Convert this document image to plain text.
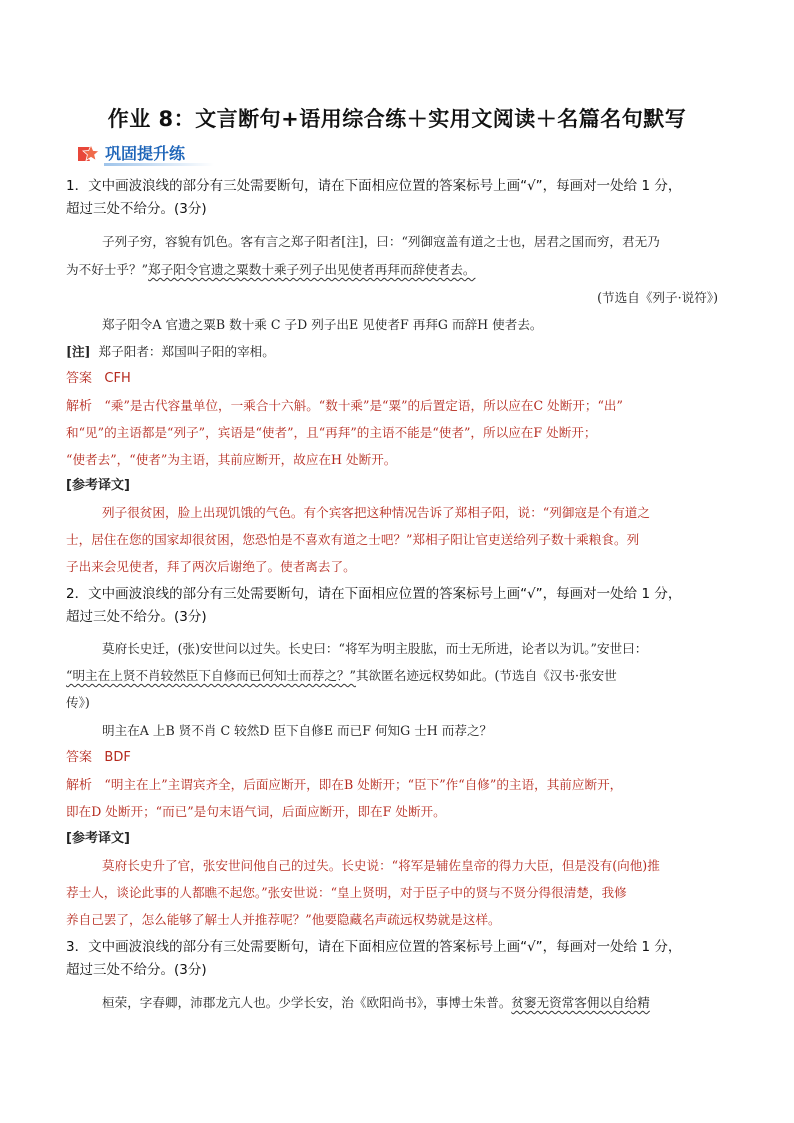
作业 8：文言断句+语用综合练＋实用文阅读＋名篇名句默写
巩固提升练
1．文中画波浪线的部分有三处需要断句，请在下面相应位置的答案标号上画“√”，每画对一处给 1 分，
超过三处不给分。(3分)
子列子穷，容貌有饥色。客有言之郑子阳者[注]，曰：“列御寇盖有道之士也，居君之国而穷，君无乃
为不好士乎？”郑子阳令官遗之粟数十乘子列子出见使者再拜而辞使者去。
(节选自《列子·说符》)
郑子阳令A 官遗之粟B 数十乘 C 子D 列子出E 见使者F 再拜G 而辞H 使者去。
[注] 郑子阳者：郑国叫子阳的宰相。
答案 CFH
解析 “乘”是古代容量单位，一乘合十六斛。“数十乘”是“粟”的后置定语，所以应在C 处断开；“出”
和“见”的主语都是“列子”，宾语是“使者”，且“再拜”的主语不能是“使者”，所以应在F 处断开；
“使者去”，“使者”为主语，其前应断开，故应在H 处断开。
[参考译文]
列子很贫困，脸上出现饥饿的气色。有个宾客把这种情况告诉了郑相子阳，说：“列御寇是个有道之
士，居住在您的国家却很贫困，您恐怕是不喜欢有道之士吧？”郑相子阳让官吏送给列子数十乘粮食。列
子出来会见使者，拜了两次后谢绝了。使者离去了。
2．文中画波浪线的部分有三处需要断句，请在下面相应位置的答案标号上画“√”，每画对一处给 1 分，
超过三处不给分。(3分)
莫府长史迁，(张)安世问以过失。长史曰：“将军为明主股肱，而士无所进，论者以为讥。”安世曰：
“明主在上贤不肖较然臣下自修而已何知士而荐之？”其欲匿名迹远权势如此。(节选自《汉书·张安世
传》)
明主在A 上B 贤不肖 C 较然D 臣下自修E 而已F 何知G 士H 而荐之？
答案 BDF
解析 “明主在上”主谓宾齐全，后面应断开，即在B 处断开；“臣下”作“自修”的主语，其前应断开，
即在D 处断开；“而已”是句末语气词，后面应断开，即在F 处断开。
[参考译文]
莫府长史升了官，张安世问他自己的过失。长史说：“将军是辅佐皇帝的得力大臣，但是没有(向他)推
荐士人，谈论此事的人都瞧不起您。”张安世说：“皇上贤明，对于臣子中的贤与不贤分得很清楚，我修
养自己罢了，怎么能够了解士人并推荐呢？”他要隐藏名声疏远权势就是这样。
3．文中画波浪线的部分有三处需要断句，请在下面相应位置的答案标号上画“√”，每画对一处给 1 分，
超过三处不给分。(3分)
桓荣，字春卿，沛郡龙亢人也。少学长安，治《欧阳尚书》，事博士朱普。贫窭无资常客佣以自给精
